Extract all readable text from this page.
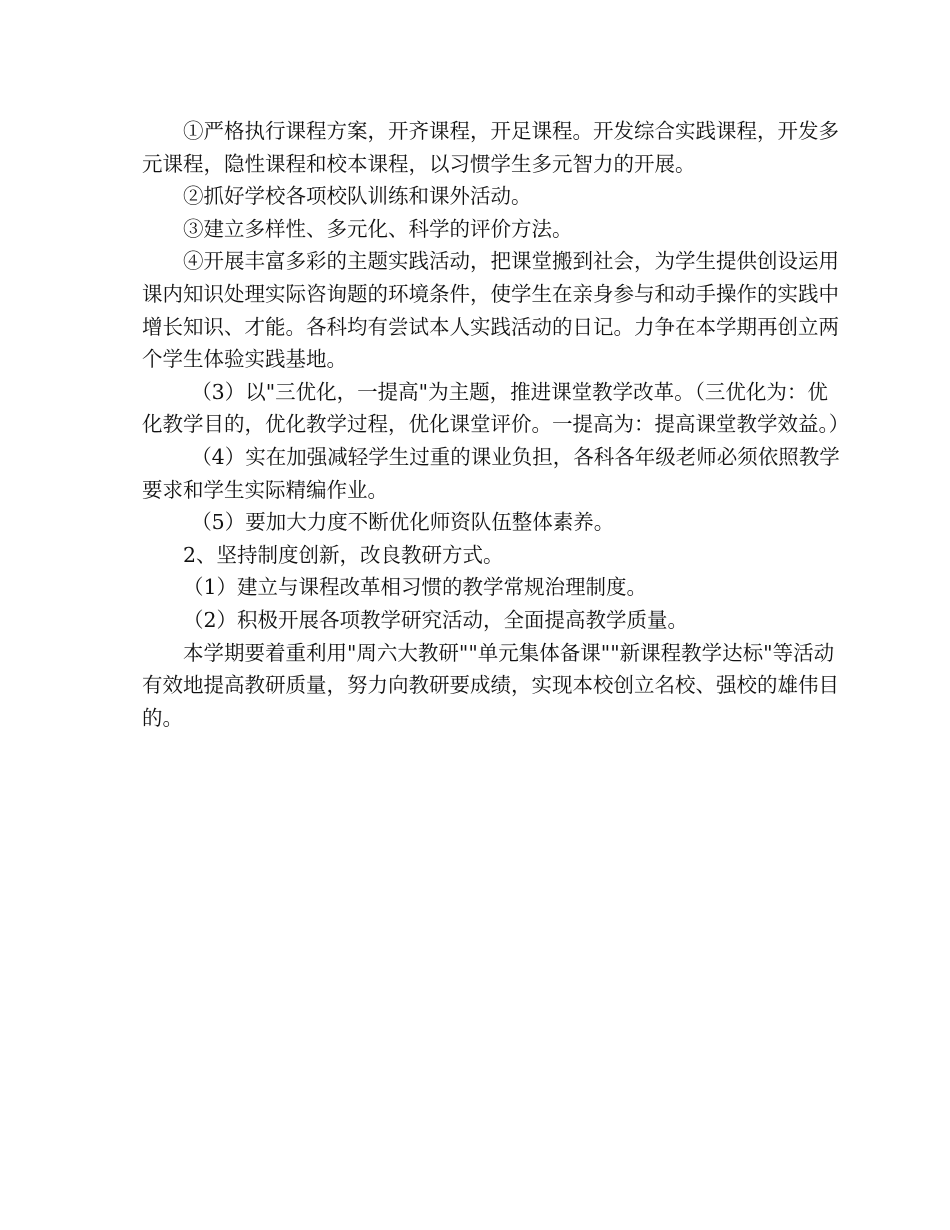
①严格执行课程方案，开齐课程，开足课程。开发综合实践课程，开发多元课程，隐性课程和校本课程，以习惯学生多元智力的开展。

②抓好学校各项校队训练和课外活动。

③建立多样性、多元化、科学的评价方法。

④开展丰富多彩的主题实践活动，把课堂搬到社会，为学生提供创设运用课内知识处理实际咨询题的环境条件，使学生在亲身参与和动手操作的实践中增长知识、才能。各科均有尝试本人实践活动的日记。力争在本学期再创立两个学生体验实践基地。

（3）以"三优化，一提高"为主题，推进课堂教学改革。（三优化为：优化教学目的，优化教学过程，优化课堂评价。一提高为：提高课堂教学效益。）

（4）实在加强减轻学生过重的课业负担，各科各年级老师必须依照教学要求和学生实际精编作业。

（5）要加大力度不断优化师资队伍整体素养。

2、坚持制度创新，改良教研方式。

（1）建立与课程改革相习惯的教学常规治理制度。

（2）积极开展各项教学研究活动，全面提高教学质量。

本学期要着重利用"周六大教研""单元集体备课""新课程教学达标"等活动有效地提高教研质量，努力向教研要成绩，实现本校创立名校、强校的雄伟目的。
